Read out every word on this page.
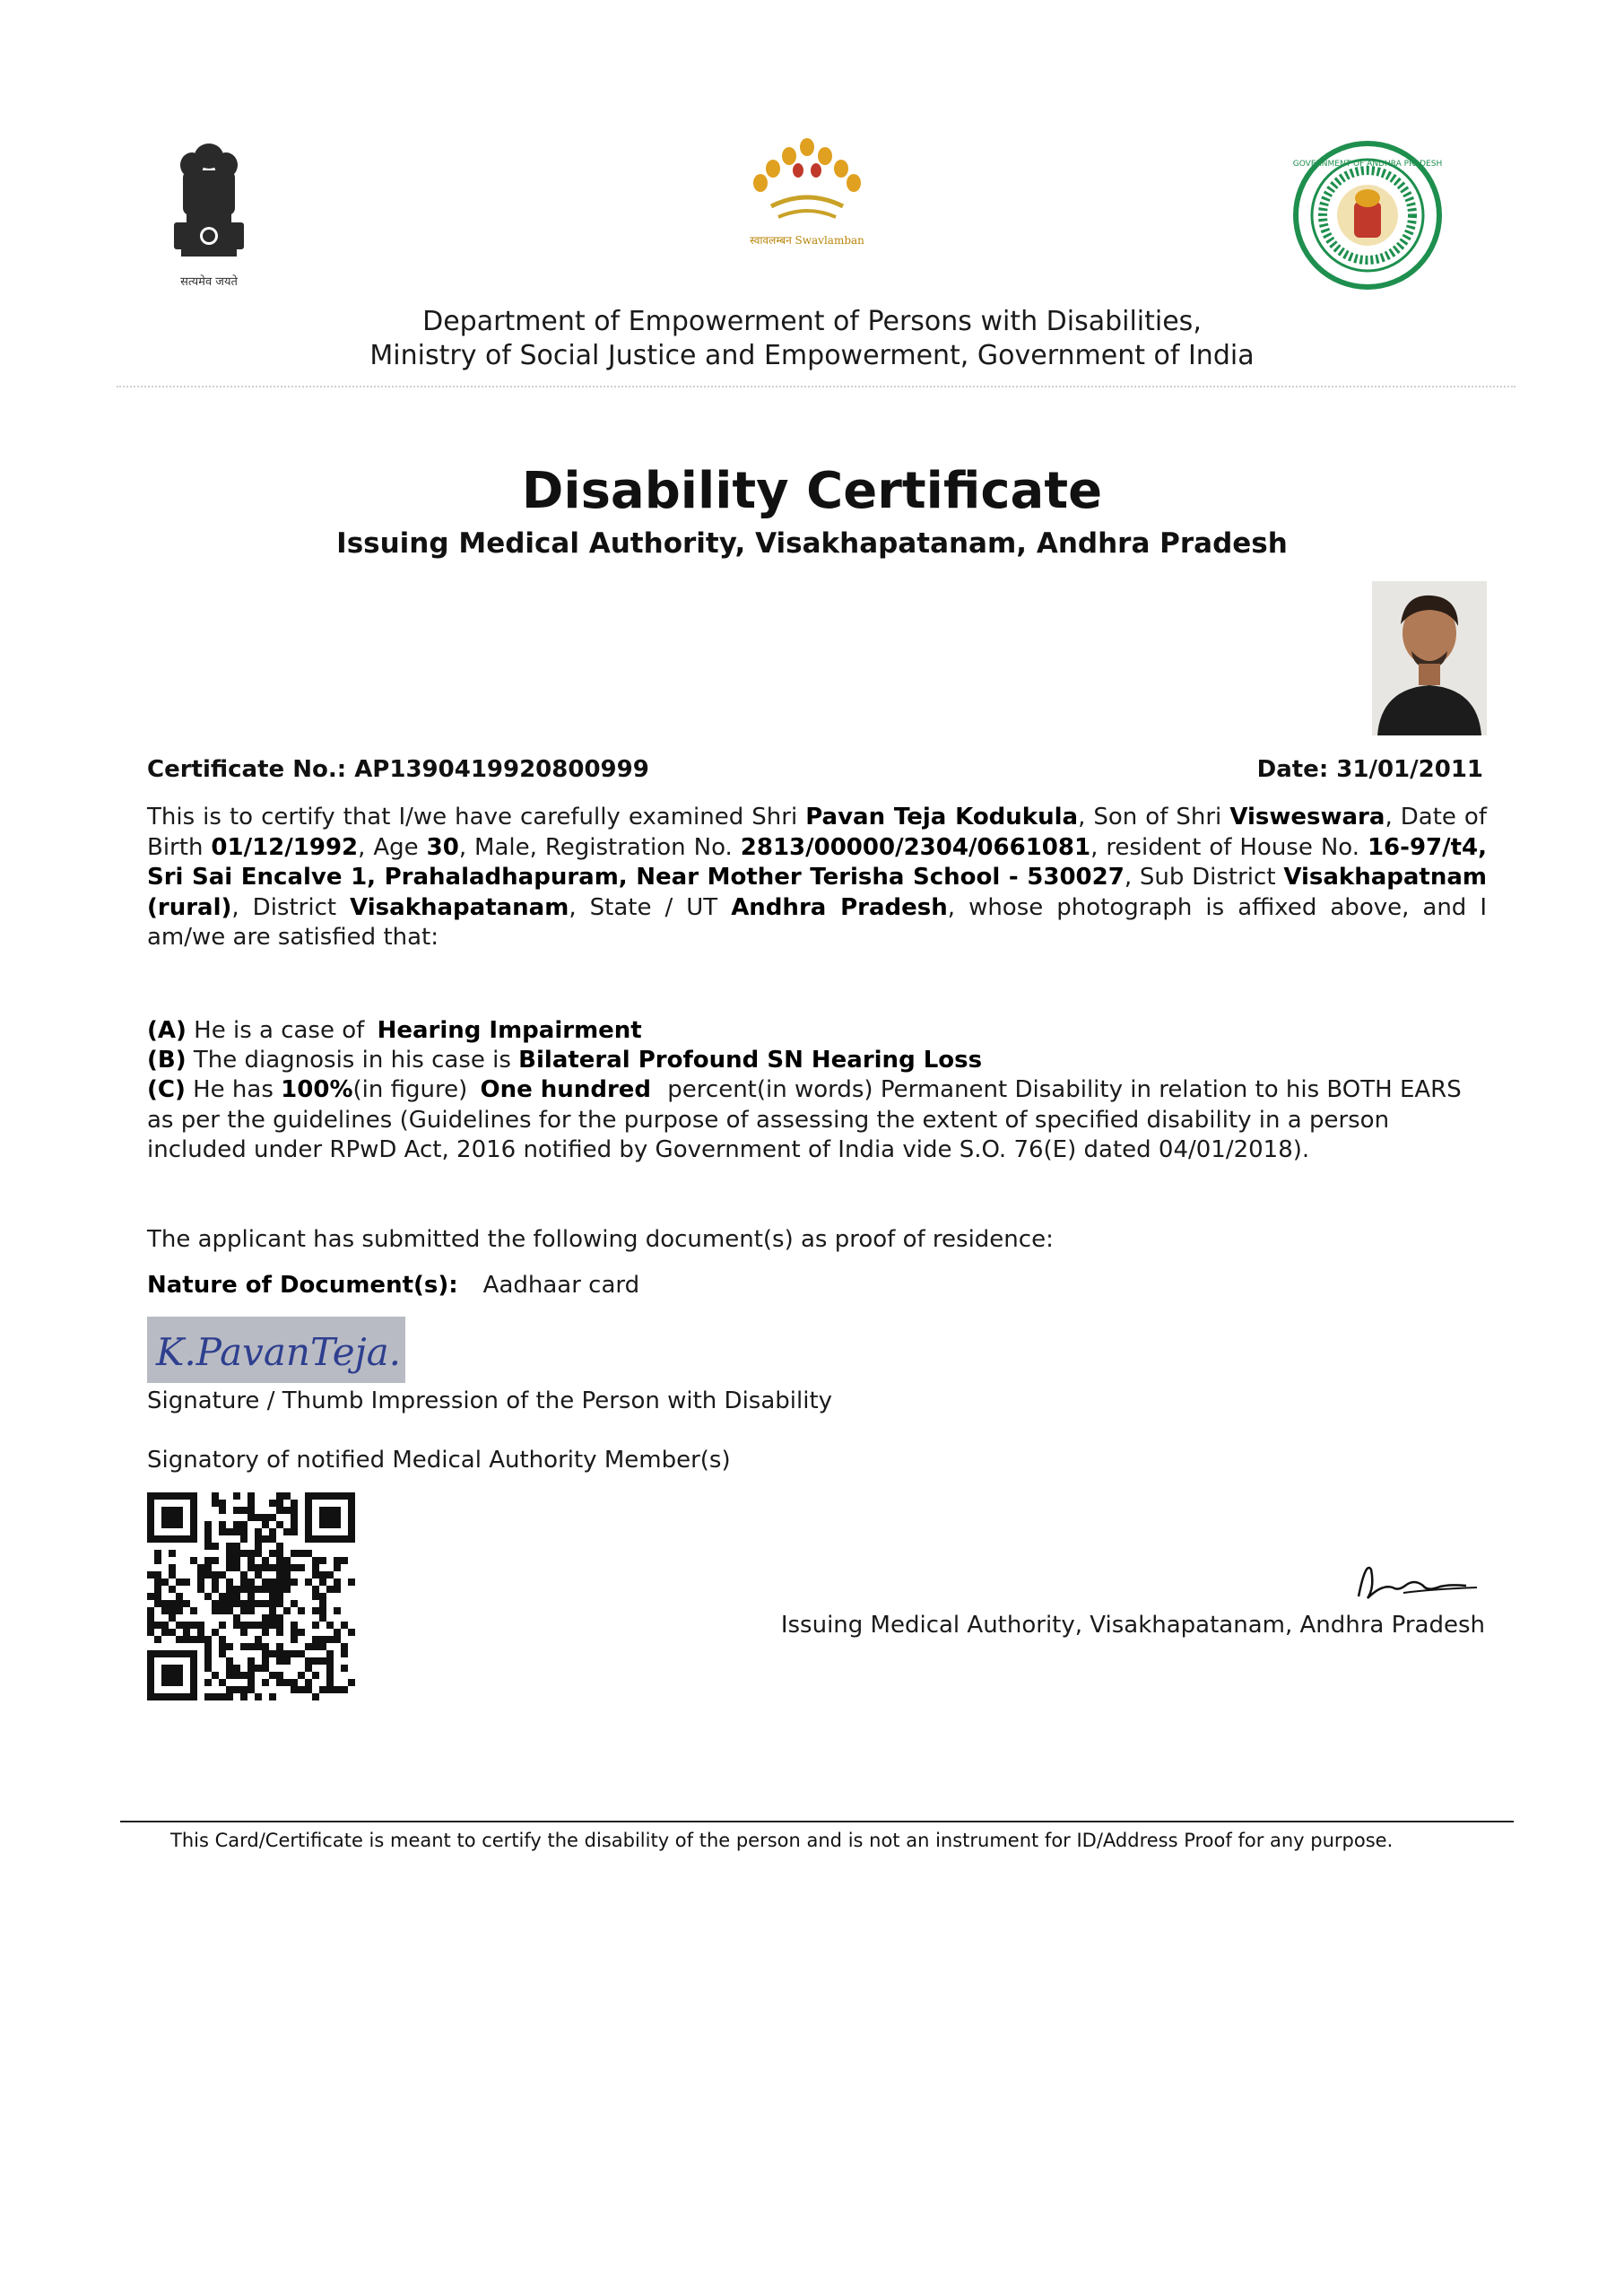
सत्यमेव जयते
स्वावलम्बन Swavlamban
GOVERNMENT OF ANDHRA PRADESH
Department of Empowerment of Persons with Disabilities,
Ministry of Social Justice and Empowerment, Government of India
Disability Certificate
Issuing Medical Authority, Visakhapatanam, Andhra Pradesh
Certificate No.: AP1390419920800999	Date: 31/01/2011
This is to certify that I/we have carefully examined Shri Pavan Teja Kodukula, Son of Shri Visweswara, Date of Birth 01/12/1992, Age 30, Male, Registration No. 2813/00000/2304/0661081, resident of House No. 16-97/t4, Sri Sai Encalve 1, Prahaladhapuram, Near Mother Terisha School - 530027, Sub District Visakhapatnam (rural), District Visakhapatanam, State / UT Andhra Pradesh, whose photograph is affixed above, and I am/we are satisfied that:
(A) He is a case of Hearing Impairment
(B) The diagnosis in his case is Bilateral Profound SN Hearing Loss
(C) He has 100%(in figure) One hundred percent(in words) Permanent Disability in relation to his BOTH EARS as per the guidelines (Guidelines for the purpose of assessing the extent of specified disability in a person included under RPwD Act, 2016 notified by Government of India vide S.O. 76(E) dated 04/01/2018).
The applicant has submitted the following document(s) as proof of residence:
Nature of Document(s): Aadhaar card
K.PavanTeja.
Signature / Thumb Impression of the Person with Disability
Signatory of notified Medical Authority Member(s)
Issuing Medical Authority, Visakhapatanam, Andhra Pradesh
This Card/Certificate is meant to certify the disability of the person and is not an instrument for ID/Address Proof for any purpose.
